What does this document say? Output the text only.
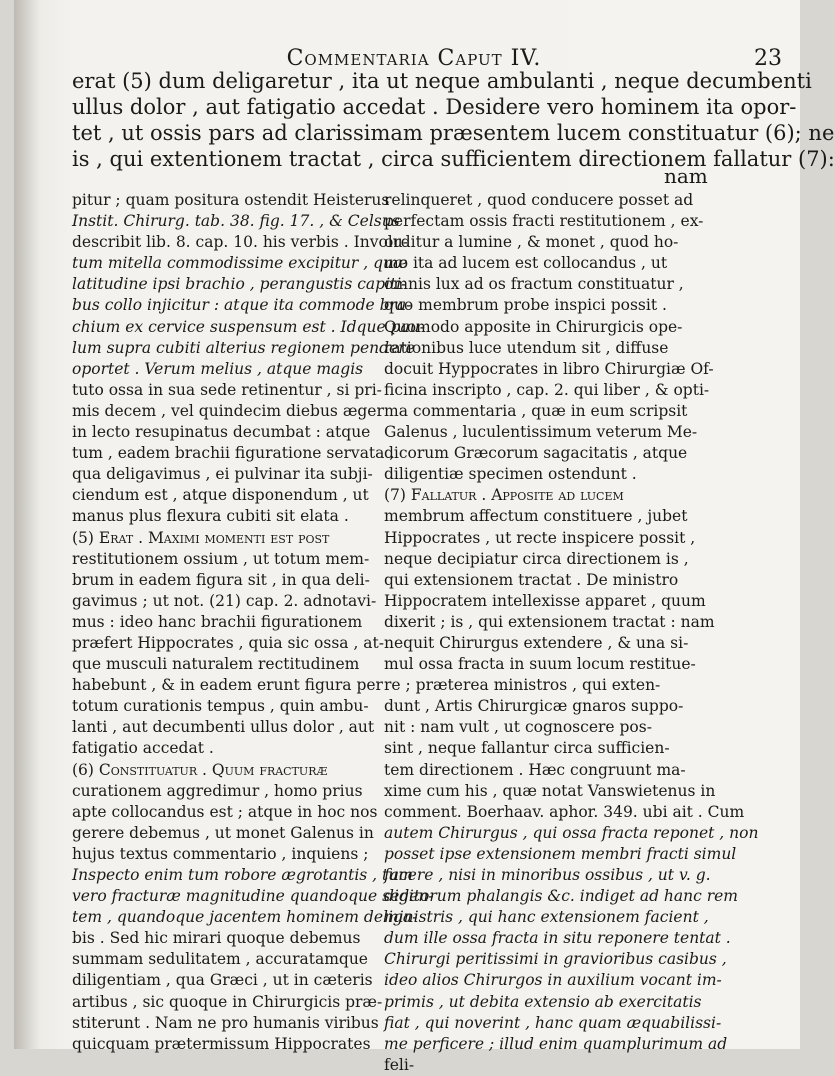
Commentaria Caput IV.	23
erat (5) dum deligaretur , ita ut neque ambulanti , neque decumbenti
ullus dolor , aut fatigatio accedat . Desidere vero hominem ita opor-
tet , ut ossis pars ad clarissimam præsentem lucem constituatur (6); ne
is , qui extentionem tractat , circa sufficientem directionem fallatur (7):
nam
pitur ; quam positura ostendit Heisterus
Instit. Chirurg. tab. 38. fig. 17. , & Celsus
describit lib. 8. cap. 10. his verbis . Involu-
tum mitella commodissime excipitur , quæ
latitudine ipsi brachio , perangustis capiti-
bus collo injicitur : atque ita commode bra-
chium ex cervice suspensum est . Idque pau-
lum supra cubiti alterius regionem pendere
oportet . Verum melius , atque magis
tuto ossa in sua sede retinentur , si pri-
mis decem , vel quindecim diebus æger
in lecto resupinatus decumbat : atque
tum , eadem brachii figuratione servata ,
qua deligavimus , ei pulvinar ita subji-
ciendum est , atque disponendum , ut
manus plus flexura cubiti sit elata .
(5) Erat . Maximi momenti est post
restitutionem ossium , ut totum mem-
brum in eadem figura sit , in qua deli-
gavimus ; ut not. (21) cap. 2. adnotavi-
mus : ideo hanc brachii figurationem
præfert Hippocrates , quia sic ossa , at-
que musculi naturalem rectitudinem
habebunt , & in eadem erunt figura per
totum curationis tempus , quin ambu-
lanti , aut decumbenti ullus dolor , aut
fatigatio accedat .
(6) Constituatur . Quum fracturæ
curationem aggredimur , homo prius
apte collocandus est ; atque in hoc nos
gerere debemus , ut monet Galenus in
hujus textus commentario , inquiens ;
Inspecto enim tum robore ægrotantis , tum
vero fracturæ magnitudine quandoque seden-
tem , quandoque jacentem hominem deliga-
bis . Sed hic mirari quoque debemus
summam sedulitatem , accuratamque
diligentiam , qua Græci , ut in cæteris
artibus , sic quoque in Chirurgicis præ-
stiterunt . Nam ne pro humanis viribus
quicquam prætermissum Hippocrates
relinqueret , quod conducere posset ad
perfectam ossis fracti restitutionem , ex-
orditur a lumine , & monet , quod ho-
mo ita ad lucem est collocandus , ut
omnis lux ad os fractum constituatur ,
quo membrum probe inspici possit .
Quomodo apposite in Chirurgicis ope-
rationibus luce utendum sit , diffuse
docuit Hyppocrates in libro Chirurgiæ Of-
ficina inscripto , cap. 2. qui liber , & opti-
ma commentaria , quæ in eum scripsit
Galenus , luculentissimum veterum Me-
dicorum Græcorum sagacitatis , atque
diligentiæ specimen ostendunt .
(7) Fallatur . Apposite ad lucem
membrum affectum constituere , jubet
Hippocrates , ut recte inspicere possit ,
neque decipiatur circa directionem is ,
qui extensionem tractat . De ministro
Hippocratem intellexisse apparet , quum
dixerit ; is , qui extensionem tractat : nam
nequit Chirurgus extendere , & una si-
mul ossa fracta in suum locum restitue-
re ; præterea ministros , qui exten-
dunt , Artis Chirurgicæ gnaros suppo-
nit : nam vult , ut cognoscere pos-
sint , neque fallantur circa sufficien-
tem directionem . Hæc congruunt ma-
xime cum his , quæ notat Vanswietenus in
comment. Boerhaav. aphor. 349. ubi ait . Cum
autem Chirurgus , qui ossa fracta reponet , non
posset ipse extensionem membri fracti simul
facere , nisi in minoribus ossibus , ut v. g.
digitorum phalangis &c. indiget ad hanc rem
ministris , qui hanc extensionem facient ,
dum ille ossa fracta in situ reponere tentat .
Chirurgi peritissimi in gravioribus casibus ,
ideo alios Chirurgos in auxilium vocant im-
primis , ut debita extensio ab exercitatis
fiat , qui noverint , hanc quam æquabilissi-
me perficere ; illud enim quamplurimum ad
feli-
